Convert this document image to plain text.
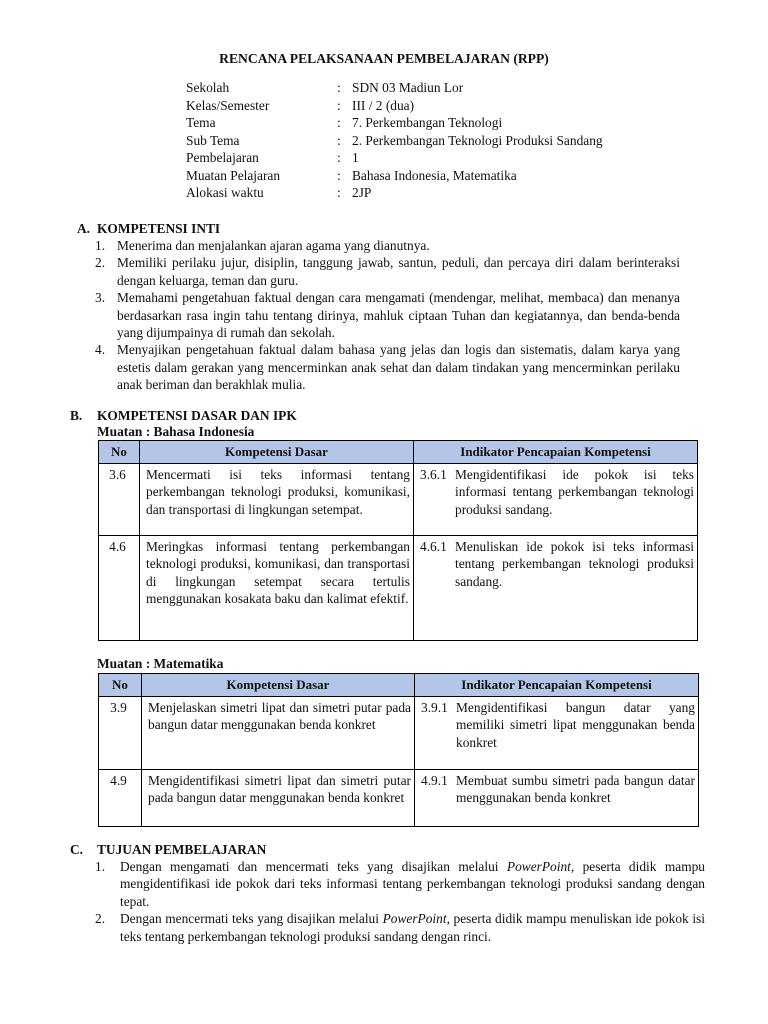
RENCANA PELAKSANAAN PEMBELAJARAN (RPP)
Sekolah	: SDN 03 Madiun Lor
Kelas/Semester	: III / 2 (dua)
Tema	: 7. Perkembangan Teknologi
Sub Tema	: 2. Perkembangan Teknologi Produksi Sandang
Pembelajaran	: 1
Muatan Pelajaran	: Bahasa Indonesia, Matematika
Alokasi waktu	: 2JP
A. KOMPETENSI INTI
1. Menerima dan menjalankan ajaran agama yang dianutnya.
2. Memiliki perilaku jujur, disiplin, tanggung jawab, santun, peduli, dan percaya diri dalam berinteraksi dengan keluarga, teman dan guru.
3. Memahami pengetahuan faktual dengan cara mengamati (mendengar, melihat, membaca) dan menanya berdasarkan rasa ingin tahu tentang dirinya, mahluk ciptaan Tuhan dan kegiatannya, dan benda-benda yang dijumpainya di rumah dan sekolah.
4. Menyajikan pengetahuan faktual dalam bahasa yang jelas dan logis dan sistematis, dalam karya yang estetis dalam gerakan yang mencerminkan anak sehat dan dalam tindakan yang mencerminkan perilaku anak beriman dan berakhlak mulia.
B. KOMPETENSI DASAR DAN IPK
Muatan : Bahasa Indonesia
No	Kompetensi Dasar	Indikator Pencapaian Kompetensi
3.6	Mencermati isi teks informasi tentang perkembangan teknologi produksi, komunikasi, dan transportasi di lingkungan setempat.	3.6.1 Mengidentifikasi ide pokok isi teks informasi tentang perkembangan teknologi produksi sandang.

4.6	Meringkas informasi tentang perkembangan teknologi produksi, komunikasi, dan transportasi di lingkungan setempat secara tertulis menggunakan kosakata baku dan kalimat efektif.	4.6.1 Menuliskan ide pokok isi teks informasi tentang perkembangan teknologi produksi sandang.
Muatan : Matematika
No	Kompetensi Dasar	Indikator Pencapaian Kompetensi
3.9	Menjelaskan simetri lipat dan simetri putar pada bangun datar menggunakan benda konkret	3.9.1 Mengidentifikasi bangun datar yang memiliki simetri lipat menggunakan benda konkret

4.9	Mengidentifikasi simetri lipat dan simetri putar pada bangun datar menggunakan benda konkret	4.9.1 Membuat sumbu simetri pada bangun datar menggunakan benda konkret
C. TUJUAN PEMBELAJARAN
1. Dengan mengamati dan mencermati teks yang disajikan melalui PowerPoint, peserta didik mampu mengidentifikasi ide pokok dari teks informasi tentang perkembangan teknologi produksi sandang dengan tepat.
2. Dengan mencermati teks yang disajikan melalui PowerPoint, peserta didik mampu menuliskan ide pokok isi teks tentang perkembangan teknologi produksi sandang dengan rinci.
